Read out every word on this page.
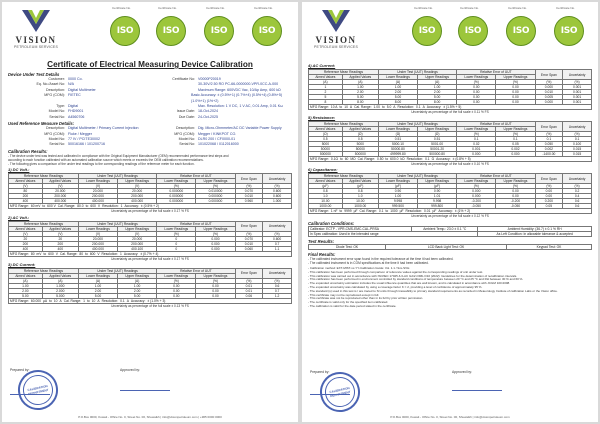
VISION
PETROLEUM SERVICES
Certificate No.
ISO
Certificate No.
ISO
Certificate No.
ISO
Certificate No.
ISO
Certificate of Electrical Measuring Device Calibration
Device Under Test Details
Customer: 0000 Co.	Certificate No: V0000P20019
Eq. No./Asset No: N/A	30-30V/2.50 RO PC-66-0000000-VPR-0CC-A-000
Description: Digital Multimeter	Maximum Range: 600VDC Vac, 10/Ap Amp, 600 kΩ
MFG (COM): FIETEC	Basic Accuracy: ± (0.5%+1) (0.7%+4) (0.5%+4) (0.8%+5) (1.0%+1) (1%+2)
Type: Digital	Max. Resolution: 1 V DC, 1 V AC, 0.01 Amp, 0.01 Kω
Model No: FHD9001	Issue Date: 18-Oct-2024
Serial No: A4560706	Due Date: 24-Oct-2025
Used Reference Measure Details:
Description: Digital Multimeter / Primary Current Injection	Description: Dig. Micro-Ohmmeter/AC DC Variable Power Supply
MFG (COM): Fluke / Megger	MFG (COM): Megger / KINKPOT CO.
Model No: 77 IV / PCITE30002	Model No: DLR0 200 / CF0000-01
Serial No: 50016166 / 101200716	Serial No: 101022068 / 0112016000
Calibration Results:
- The device under test was tested and calibrated in compliance with the Original Equipment Manufacturer (OEM) recommended performance test steps and
according to each function calibrated with an automated calibration source which meets or exceeds the OEM calibration recommendations.
- The following gives a comparison of the under test readings to the corresponding readings of the reference meter for each function.
1) DC Volt.:
Reference Mean Readings		Under Test (UUT) Readings		Relative Error of UUT		Error Span	Uncertainty
Aimed Values	Applied Values	Lower Readings	Upper Readings	Lower Readings	Upper Readings		
(V)	(V)	(V)	(V)	(%)	(%)	(%)	(%)
80	20.000	20.000	20.000	0.000000	0.010000	0.070	0.600
200	200.000	200.000	200.000	0.000000	0.000000	0.010	0.600
400	400.000	400.000	400.000	0.000000	0.000000	0.960	1.000
MFG Range: 60 mV to 600 V Cal. Range: 80.0 to 600 V Resolution: 1 Accuracy: ± (0.5% + 2)							
Uncertainty as percentage of the full scale ± 0.17 % FS
2) AC Volt.:
Reference Mean Readings		Under Test (UUT) Readings		Relative Error of UUT		Error Span	Uncertainty
Aimed Values	Applied Values	Lower Readings	Upper Readings	Lower Readings	Upper Readings		
(V)	(V)	(V)	(V)	(%)	(%)	(%)	(%)
20	20	20.000	20.000	0	0.000	0.070	0.600
200	200	200.000	200.000	0	0.000	0.010	0.7
400	400	400.000	400.100	0	0.000	0.060	1.1
MFG Range: 80 mV to 600 V Cal. Range: 80 to 600 V Resolution: 1 Accuracy: ± (0.7% + 4)							
Uncertainty as percentage of the full scale ± 0.17 % FS
3) DC Current:
Reference Mean Readings		Under Test (UUT) Readings		Relative Error of UUT		Error Span	Uncertainty
Aimed Values	Applied Values	Lower Readings	Upper Readings	Lower Readings	Upper Readings		
(A)	(A)	(A)	(A)	(%)	(%)	(%)	(%)
1.00	1.000	1.00	1.00	0.00	0.00	0.01	0.6
2.00	2.000	2.00	2.00	0.00	0.00	0.01	0.7
5.00	5.000	5.00	5.00	0.00	0.00	0.06	1.2
MFG Range: 60.000 µA to 10 A Cal. Range: 1 to 10 A Resolution: 0.1 A Accuracy: ± (1.0% + 3)							
Uncertainty as percentage of the full scale ± 0.13 % FS
Prepared by:
CALIBRATION DEPARTMENT
Approved by:
P.O.Box 0000, Kuwait - Office No. 0, Street No. 00, Shuwaikh | info@visionpetroleum.com | +965 0000 0000
VISION
PETROLEUM SERVICES
Certificate No.
ISO
Certificate No.
ISO
Certificate No.
ISO
Certificate No.
ISO
4) AC Current:
Reference Mean Readings		Under Test (UUT) Readings		Relative Error of UUT		Error Span	Uncertainty
Aimed Values	Applied Values	Lower Readings	Upper Readings	Lower Readings	Upper Readings		
(A)	(A)	(A)	(A)	(%)	(%)	(%)	(%)
1	1.00	1.00	1.00	0.00	0.00	0.000	0.001
2	2.00	2.00	2.00	0.00	0.00	0.010	0.001
5	5.00	5.00	5.00	0.00	0.00	0.005	0.001
8	8.00	8.00	8.00	0.00	0.00	0.000	0.001
MFG Range: 10 A to 10 A Cal. Range: 1.00 to 5.0 A Resolution: 0.1 A Accuracy: ± (1.5% + 5)							
Uncertainty as percentage of the full scale ± 0.11 % FS
5) Resistance:
Reference Mean Readings		Under Test (UUT) Readings		Relative Error of UUT		Error Span	Uncertainty
Aimed Values	Applied Values	Lower Readings	Upper Readings	Lower Readings	Upper Readings		
(Ω)	(Ω)	(Ω)	(Ω)	(%)	(%)	(%)	(%)
0.5	0.5	0.51	0.51	0.1	0.1	0.1	0.1
5000	5000	5000.10	5001.00	0.02	0.05	0.050	0.100
50000	50000	50000.80	50001.20	0.001	0.002	0.002	0.015
500000	500000	499999.80	500000.80	0.000	0.000	-1400.00	0.015
MFG Range: 0.1Ω to 60 MΩ Cal. Range: 0.50 to 600.0 kΩ Resolution: 0.1 Ω Accuracy: ± (0.8% + 5)							
Uncertainty as percentage of the full scale ± 0.10 % FS
6) Capacitance:
Reference Mean Readings		Under Test (UUT) Readings		Relative Error of UUT		Error Span	Uncertainty
Aimed Values	Applied Values	Lower Readings	Upper Readings	Lower Readings	Upper Readings		
(µF)	(µF)	(µF)	(µF)	(%)	(%)	(%)	(%)
0.8	0.8	0.90	0.90	0.000	0.00	0.00	0.2
1.0	1.0	1.00	1.01	0.000	0.00	0.00	0.4
10.00	10.00	9.998	9.998	-0.200	-0.200	0.200	0.6
1000.00	1000.00	999.500	999.800	-0.050	-0.050	0.05	0.6
MFG Range: 1 nF to 9999 µF Cal. Range: 0.1 to 1000 µF Resolution: 0.01 µF Accuracy: ± (1% + 2)							
Uncertainty as percentage of the full scale ± 0.12 % FS
Calibration Conditions:
Calibrator: ECTP - VPR-CMS-EMC-CAL-PRSA	Ambient Temp.: 23.0 ± 0.1 °C	Ambient Humidity: (36.7) ± 0.1 % RH
In Spec calibration: Used in the intended range		As Left Condition: In allowable tolerance & accepted
Test Results:
Diode Test: OK	LCD Back Light Test: OK	Keypad Test: OK
Final Results:
- The calibrated instrument error span found in the required tolerance at the time it had been calibrated.
- The calibrated instrument is in COM specifications at the time it had been calibrated.
- Calibration method: EXT-MIST-xx-YY-Calibration Guide: Vol. 1.1 / 9xx-SVH.
- This calibration has been performed through comparison of reference values against the corresponding readings of unit under test.
- This calibration was carried out in accordance with ISO/IEC 17025 & ILAC G24/-OIML D10 (2022): Guidelines for the determination of recalibration intervals.
- This calibration has been performed in environment controlled by standard conditions of temperature between 20 °C and 25 °C and RH between 30 % and 60 %.
- The expanded uncertainty estimation includes the usual influence quantities that are well known, and is calculated in accordance with JCGM 100:2008.
- The expanded uncertainty was calculated by using a coverage factor K = 2, providing a level of confidence of approximately 95 %.
- The standard (s) used in this test is / are traced to SI units through traceability to primary standard requirements as recorded in Meteorology Institute of calibration Labs or the Vision office.
- This certificate may not be reproduced except in full.
- This certificate was not be reproduced other than in its full by prior written permission.
- The certificate is valid only for the specified item calibrated.
- The calibration is valid for the date period stated in the certificate.
Prepared by:
CALIBRATION DEPARTMENT
Approved by:
P.O.Box 0000, Kuwait - Office No. 0, Street No. 00, Shuwaikh | info@visionpetroleum.com
